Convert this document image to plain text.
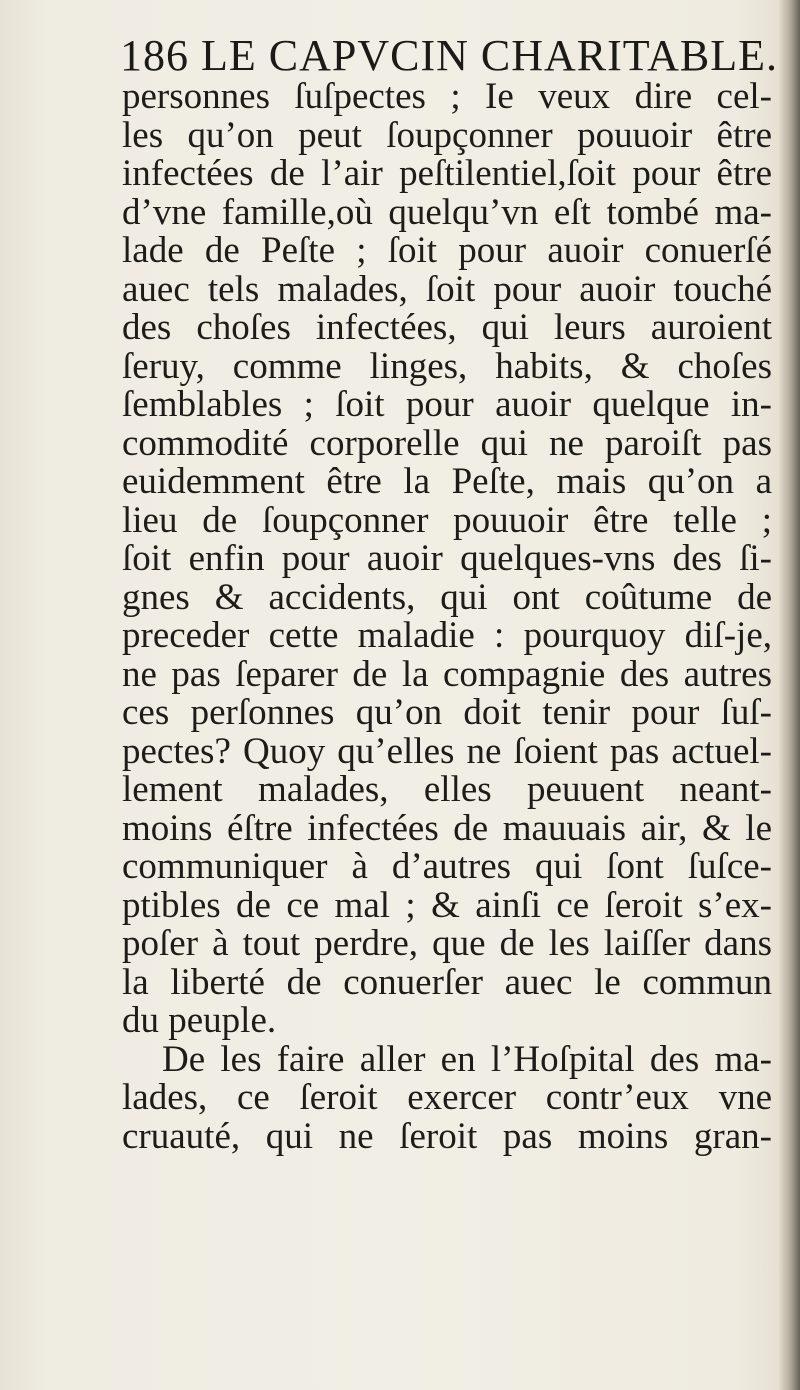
186 LE CAPVCIN CHARITABLE.
personnes ſuſpectes ; Ie veux dire cel-
les qu’on peut ſoupçonner pouuoir être
infectées de l’air peſtilentiel,ſoit pour être
d’vne famille,où quelqu’vn eſt tombé ma-
lade de Peſte ; ſoit pour auoir conuerſé
auec tels malades, ſoit pour auoir touché
des choſes infectées, qui leurs auroient
ſeruy, comme linges, habits, & choſes
ſemblables ; ſoit pour auoir quelque in-
commodité corporelle qui ne paroiſt pas
euidemment être la Peſte, mais qu’on a
lieu de ſoupçonner pouuoir être telle ;
ſoit enfin pour auoir quelques-vns des ſi-
gnes & accidents, qui ont coûtume de
preceder cette maladie : pourquoy diſ-je,
ne pas ſeparer de la compagnie des autres
ces perſonnes qu’on doit tenir pour ſuſ-
pectes? Quoy qu’elles ne ſoient pas actuel-
lement malades, elles peuuent neant-
moins éſtre infectées de mauuais air, & le
communiquer à d’autres qui ſont ſuſce-
ptibles de ce mal ; & ainſi ce ſeroit s’ex-
poſer à tout perdre, que de les laiſſer dans
la liberté de conuerſer auec le commun
du peuple.
De les faire aller en l’Hoſpital des ma-
lades, ce ſeroit exercer contr’eux vne
cruauté, qui ne ſeroit pas moins gran-
